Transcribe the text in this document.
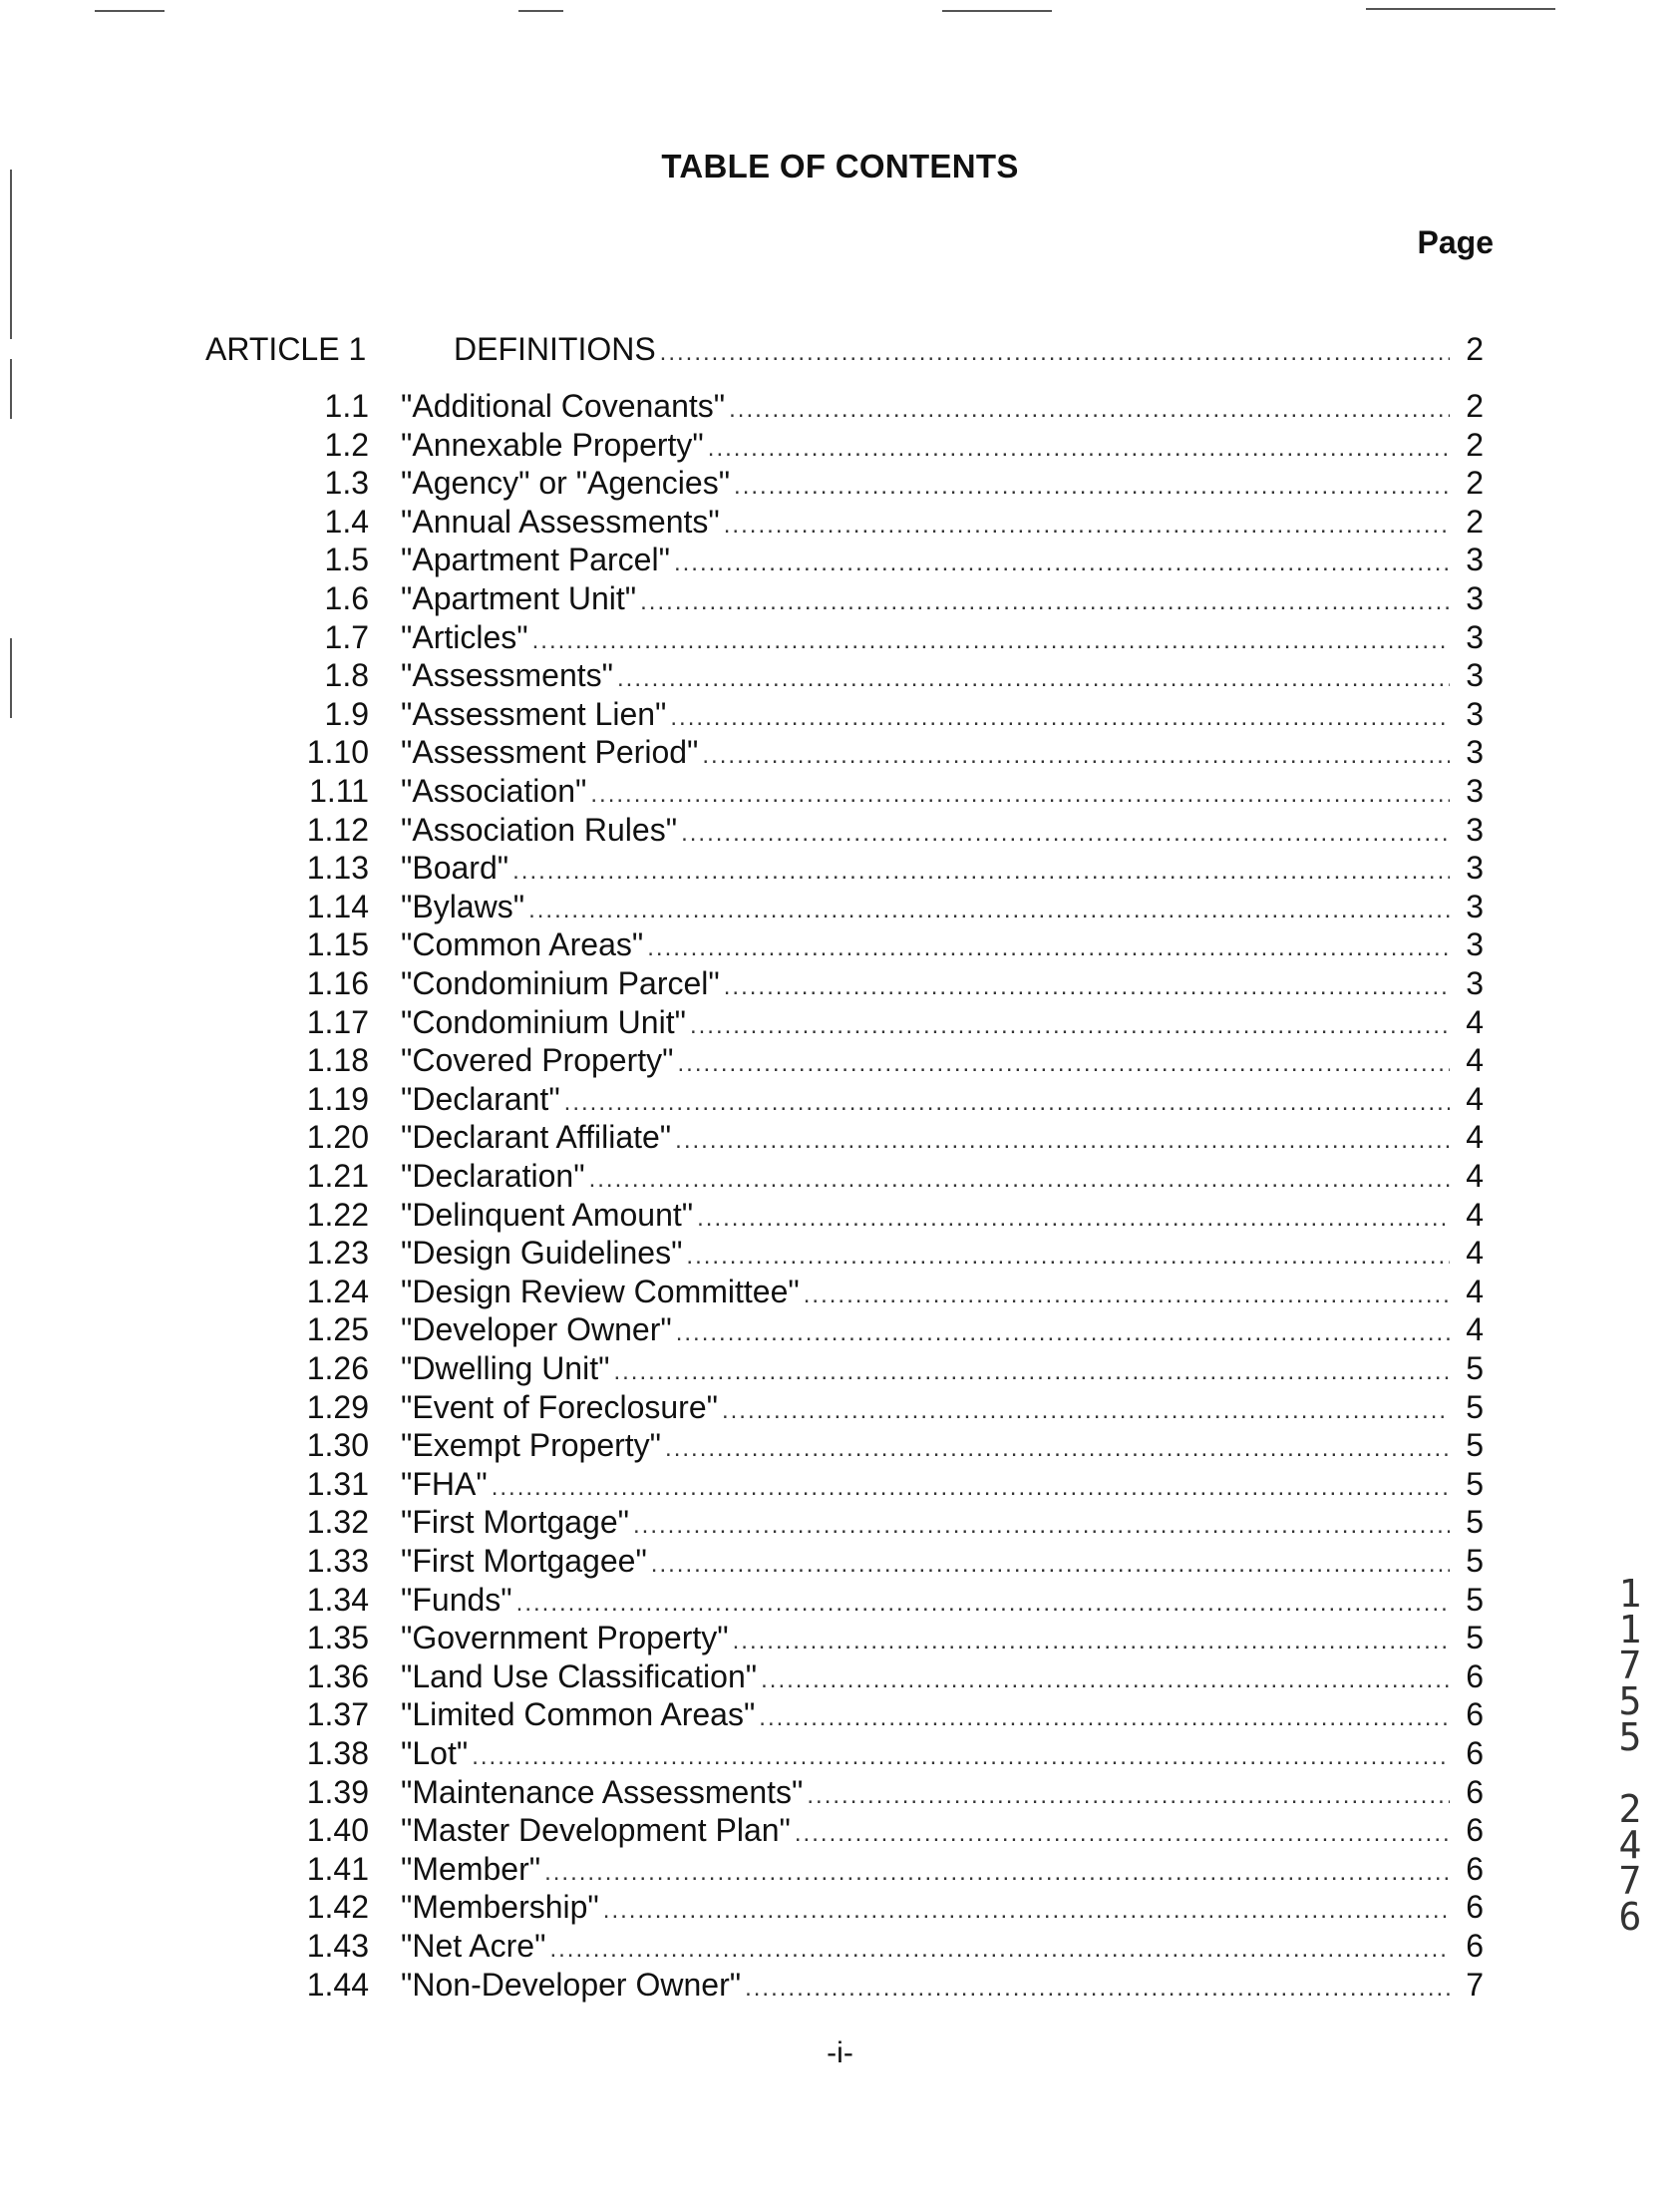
TABLE OF CONTENTS
Page
ARTICLE 1	DEFINITIONS .....	2
1.1 "Additional Covenants" .....	2
1.2 "Annexable Property" .....	2
1.3 "Agency" or "Agencies" .....	2
1.4 "Annual Assessments" .....	2
1.5 "Apartment Parcel" .....	3
1.6 "Apartment Unit" .....	3
1.7 "Articles" .....	3
1.8 "Assessments" .....	3
1.9 "Assessment Lien" .....	3
1.10 "Assessment Period" .....	3
1.11 "Association" .....	3
1.12 "Association Rules" .....	3
1.13 "Board" .....	3
1.14 "Bylaws" .....	3
1.15 "Common Areas" .....	3
1.16 "Condominium Parcel" .....	3
1.17 "Condominium Unit" .....	4
1.18 "Covered Property" .....	4
1.19 "Declarant" .....	4
1.20 "Declarant Affiliate" .....	4
1.21 "Declaration" .....	4
1.22 "Delinquent Amount" .....	4
1.23 "Design Guidelines" .....	4
1.24 "Design Review Committee" .....	4
1.25 "Developer Owner" .....	4
1.26 "Dwelling Unit" .....	5
1.29 "Event of Foreclosure" .....	5
1.30 "Exempt Property" .....	5
1.31 "FHA" .....	5
1.32 "First Mortgage" .....	5
1.33 "First Mortgagee" .....	5
1.34 "Funds" .....	5
1.35 "Government Property" .....	5
1.36 "Land Use Classification" .....	6
1.37 "Limited Common Areas" .....	6
1.38 "Lot" .....	6
1.39 "Maintenance Assessments" .....	6
1.40 "Master Development Plan" .....	6
1.41 "Member" .....	6
1.42 "Membership" .....	6
1.43 "Net Acre" .....	6
1.44 "Non-Developer Owner" .....	7
-i-
1
1
7
5
5
2
4
7
6
